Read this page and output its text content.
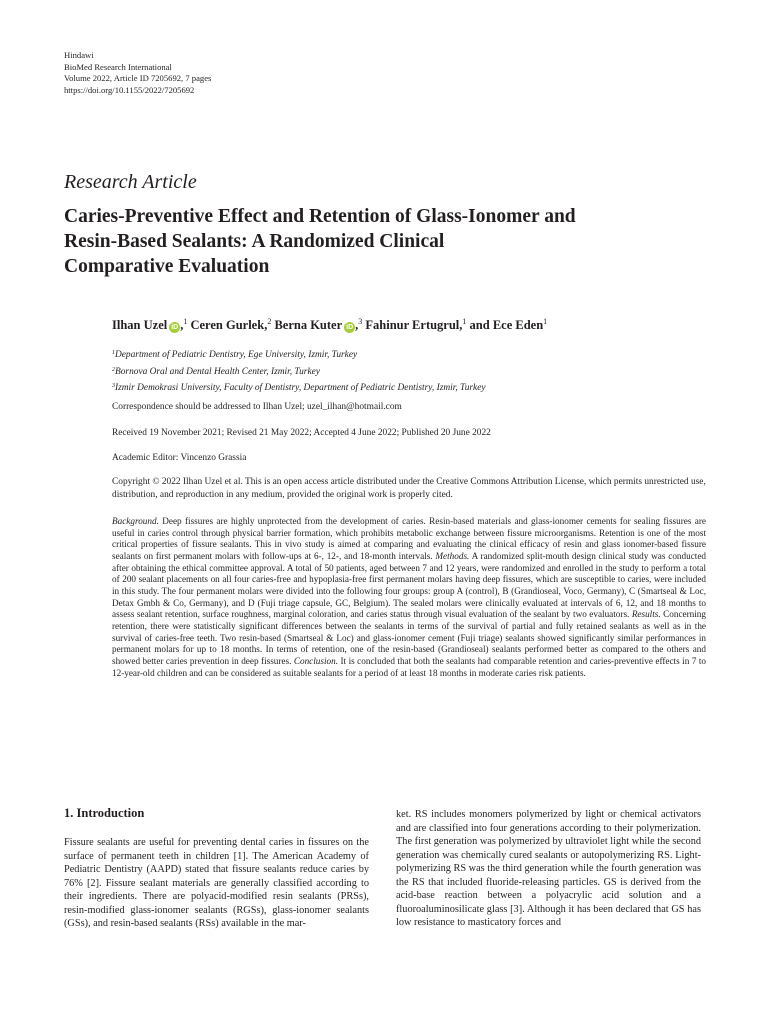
Hindawi
BioMed Research International
Volume 2022, Article ID 7205692, 7 pages
https://doi.org/10.1155/2022/7205692
Research Article
Caries-Preventive Effect and Retention of Glass-Ionomer and
Resin-Based Sealants: A Randomized Clinical
Comparative Evaluation
Ilhan Uzel iD ,$^1$ Ceren Gurlek,$^2$ Berna Kuter iD ,$^3$ Fahinur Ertugrul,$^1$ and Ece Eden$^1$
$^1$Department of Pediatric Dentistry, Ege University, Izmir, Turkey
$^2$Bornova Oral and Dental Health Center, Izmir, Turkey
$^3$Izmir Demokrasi University, Faculty of Dentistry, Department of Pediatric Dentistry, Izmir, Turkey
Correspondence should be addressed to Ilhan Uzel; uzel_ilhan@hotmail.com
Received 19 November 2021; Revised 21 May 2022; Accepted 4 June 2022; Published 20 June 2022
Academic Editor: Vincenzo Grassia
Copyright © 2022 Ilhan Uzel et al. This is an open access article distributed under the Creative Commons Attribution License, which permits unrestricted use, distribution, and reproduction in any medium, provided the original work is properly cited.
Background. Deep fissures are highly unprotected from the development of caries. Resin-based materials and glass-ionomer cements for sealing fissures are useful in caries control through physical barrier formation, which prohibits metabolic exchange between fissure microorganisms. Retention is one of the most critical properties of fissure sealants. This in vivo study is aimed at comparing and evaluating the clinical efficacy of resin and glass ionomer-based fissure sealants on first permanent molars with follow-ups at 6-, 12-, and 18-month intervals. Methods. A randomized split-mouth design clinical study was conducted after obtaining the ethical committee approval. A total of 50 patients, aged between 7 and 12 years, were randomized and enrolled in the study to perform a total of 200 sealant placements on all four caries-free and hypoplasia-free first permanent molars having deep fissures, which are susceptible to caries, were included in this study. The four permanent molars were divided into the following four groups: group A (control), B (Grandioseal, Voco, Germany), C (Smartseal & Loc, Detax Gmbh & Co, Germany), and D (Fuji triage capsule, GC, Belgium). The sealed molars were clinically evaluated at intervals of 6, 12, and 18 months to assess sealant retention, surface roughness, marginal coloration, and caries status through visual evaluation of the sealant by two evaluators. Results. Concerning retention, there were statistically significant differences between the sealants in terms of the survival of partial and fully retained sealants as well as in the survival of caries-free teeth. Two resin-based (Smartseal & Loc) and glass-ionomer cement (Fuji triage) sealants showed significantly similar performances in permanent molars for up to 18 months. In terms of retention, one of the resin-based (Grandioseal) sealants performed better as compared to the others and showed better caries prevention in deep fissures. Conclusion. It is concluded that both the sealants had comparable retention and caries-preventive effects in 7 to 12-year-old children and can be considered as suitable sealants for a period of at least 18 months in moderate caries risk patients.
1. Introduction
Fissure sealants are useful for preventing dental caries in fissures on the surface of permanent teeth in children [1]. The American Academy of Pediatric Dentistry (AAPD) stated that fissure sealants reduce caries by 76% [2]. Fissure sealant materials are generally classified according to their ingredients. There are polyacid-modified resin sealants (PRSs), resin-modified glass-ionomer sealants (RGSs), glass-ionomer sealants (GSs), and resin-based sealants (RSs) available in the mar-
ket. RS includes monomers polymerized by light or chemical activators and are classified into four generations according to their polymerization. The first generation was polymerized by ultraviolet light while the second generation was chemically cured sealants or autopolymerizing RS. Light-polymerizing RS was the third generation while the fourth generation was the RS that included fluoride-releasing particles. GS is derived from the acid-base reaction between a polyacrylic acid solution and a fluoroaluminosilicate glass [3]. Although it has been declared that GS has low resistance to masticatory forces and
